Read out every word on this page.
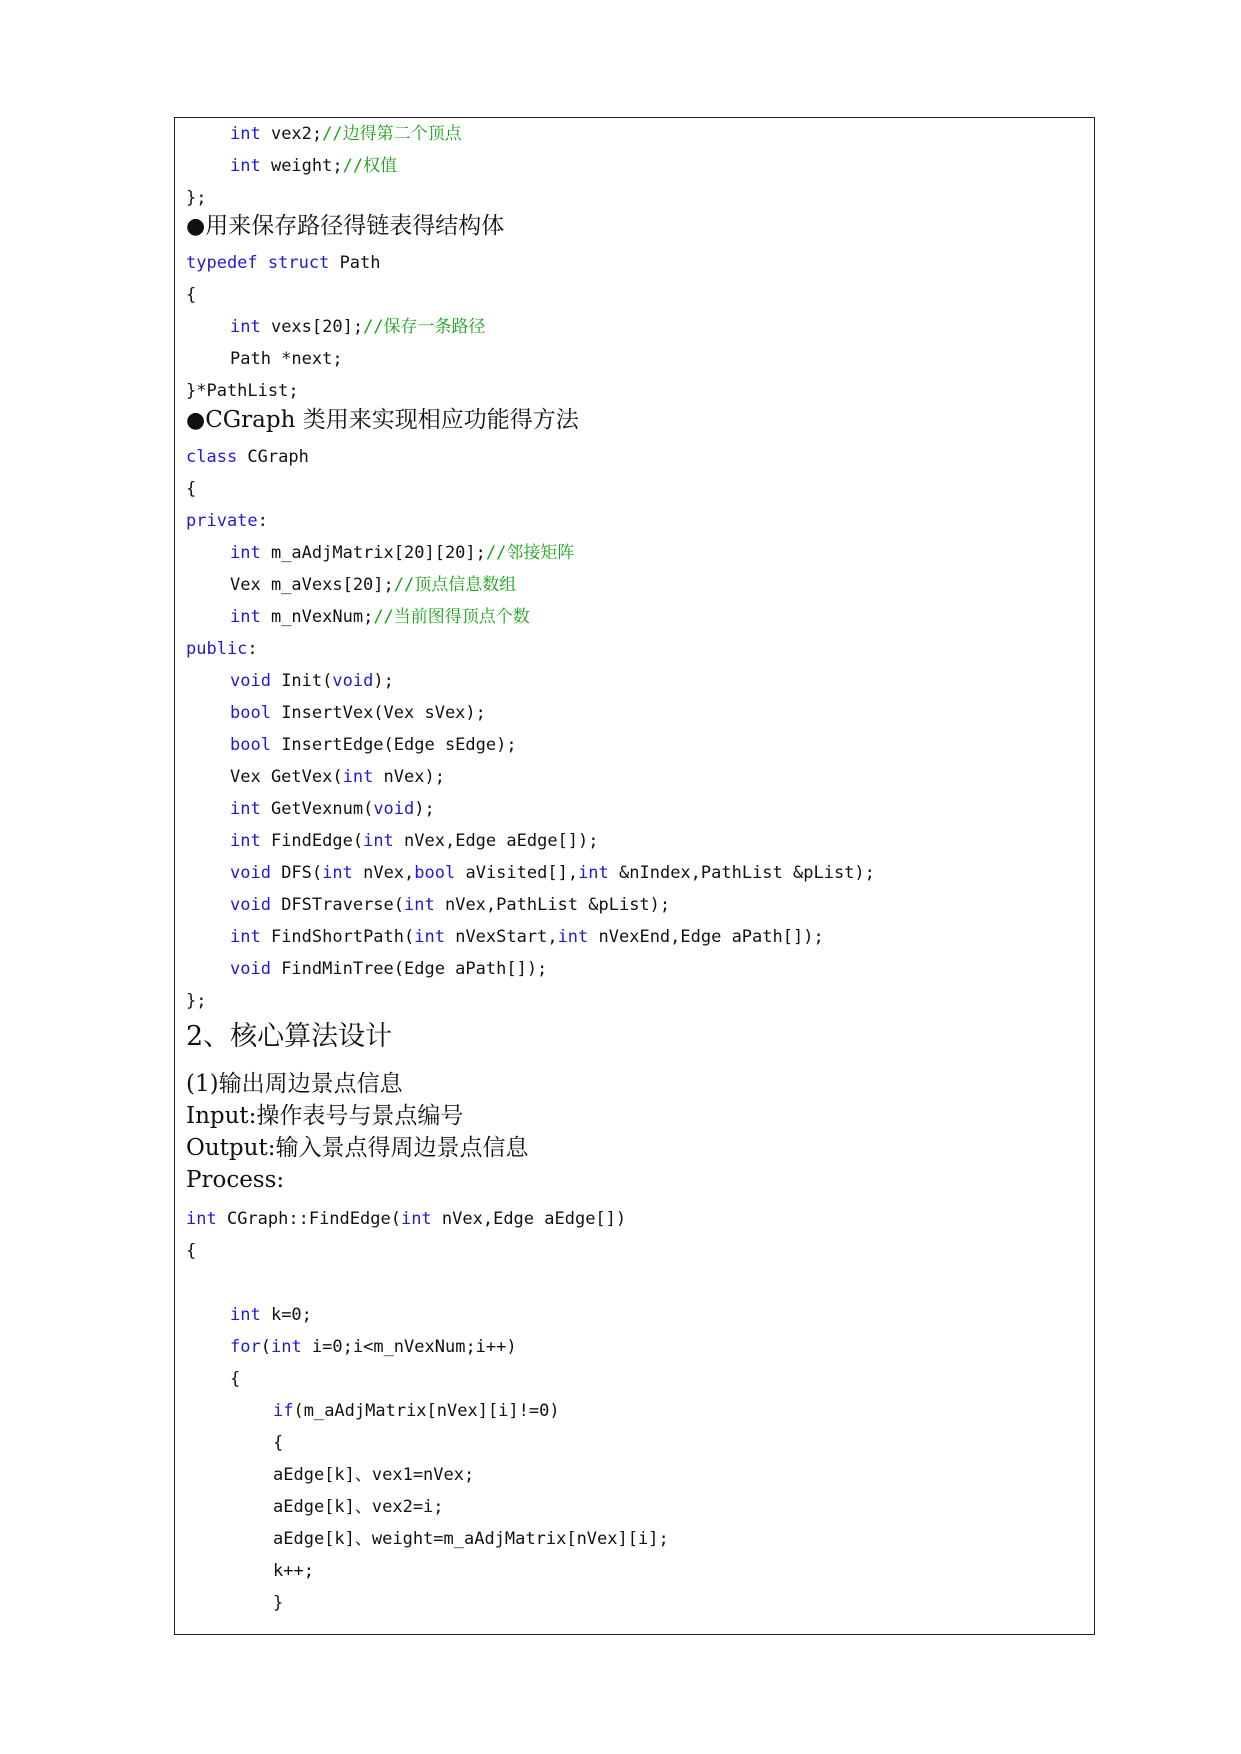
int vex2;//边得第二个顶点
int weight;//权值
};
●用来保存路径得链表得结构体
typedef struct Path
{
int vexs[20];//保存一条路径
Path *next;
}*PathList;
●CGraph 类用来实现相应功能得方法
class CGraph
{
private:
int m_aAdjMatrix[20][20];//邻接矩阵
Vex m_aVexs[20];//顶点信息数组
int m_nVexNum;//当前图得顶点个数
public:
void Init(void);
bool InsertVex(Vex sVex);
bool InsertEdge(Edge sEdge);
Vex GetVex(int nVex);
int GetVexnum(void);
int FindEdge(int nVex,Edge aEdge[]);
void DFS(int nVex,bool aVisited[],int &nIndex,PathList &pList);
void DFSTraverse(int nVex,PathList &pList);
int FindShortPath(int nVexStart,int nVexEnd,Edge aPath[]);
void FindMinTree(Edge aPath[]);
};
2、核心算法设计
(1)输出周边景点信息
Input:操作表号与景点编号
Output:输入景点得周边景点信息
Process:
int CGraph::FindEdge(int nVex,Edge aEdge[])
{
int k=0;
for(int i=0;i<m_nVexNum;i++)
{
if(m_aAdjMatrix[nVex][i]!=0)
{
aEdge[k]、vex1=nVex;
aEdge[k]、vex2=i;
aEdge[k]、weight=m_aAdjMatrix[nVex][i];
k++;
}
